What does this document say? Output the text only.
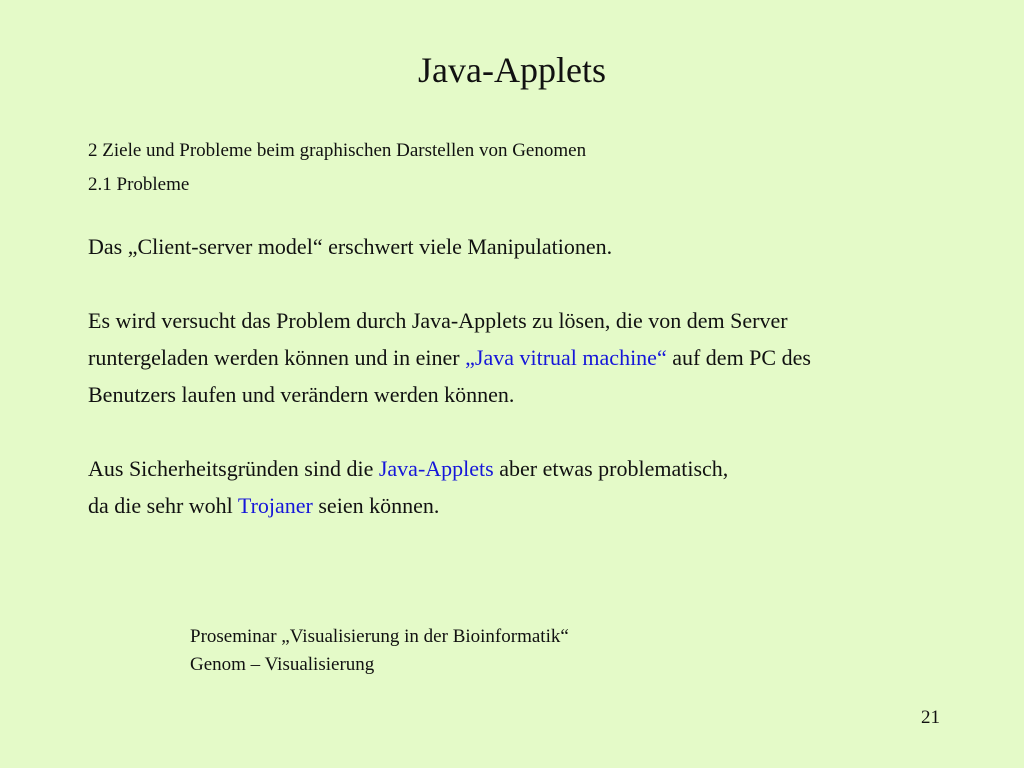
Java-Applets
2 Ziele und Probleme beim graphischen Darstellen von Genomen
2.1 Probleme

Das „Client-server model“ erschwert viele Manipulationen.

Es wird versucht das Problem durch Java-Applets zu lösen, die von dem Server
runtergeladen werden können und in einer „Java vitrual machine“ auf dem PC des
Benutzers laufen und verändern werden können.
Aus Sicherheitsgründen sind die Java-Applets aber etwas problematisch,
da die sehr wohl Trojaner seien können.
Proseminar „Visualisierung in der Bioinformatik“
Genom – Visualisierung
21
